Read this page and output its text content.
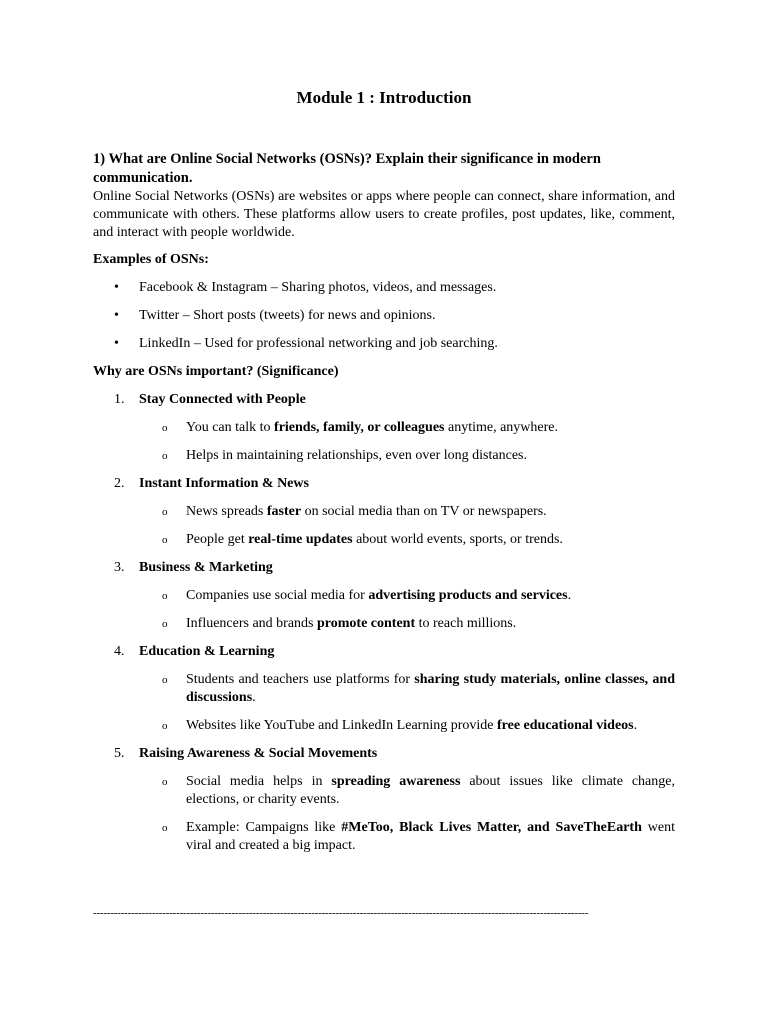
Module 1 : Introduction

1) What are Online Social Networks (OSNs)? Explain their significance in modern communication.

Online Social Networks (OSNs) are websites or apps where people can connect, share information, and communicate with others. These platforms allow users to create profiles, post updates, like, comment, and interact with people worldwide.

Examples of OSNs:

• Facebook & Instagram – Sharing photos, videos, and messages.
• Twitter – Short posts (tweets) for news and opinions.
• LinkedIn – Used for professional networking and job searching.

Why are OSNs important? (Significance)

1. Stay Connected with People
o You can talk to friends, family, or colleagues anytime, anywhere.
o Helps in maintaining relationships, even over long distances.
2. Instant Information & News
o News spreads faster on social media than on TV or newspapers.
o People get real-time updates about world events, sports, or trends.
3. Business & Marketing
o Companies use social media for advertising products and services.
o Influencers and brands promote content to reach millions.
4. Education & Learning
o Students and teachers use platforms for sharing study materials, online classes, and discussions.
o Websites like YouTube and LinkedIn Learning provide free educational videos.
5. Raising Awareness & Social Movements
o Social media helps in spreading awareness about issues like climate change, elections, or charity events.
o Example: Campaigns like #MeToo, Black Lives Matter, and SaveTheEarth went viral and created a big impact.
-----------------------------------------------------------------------------------------------------------------------------------------------
